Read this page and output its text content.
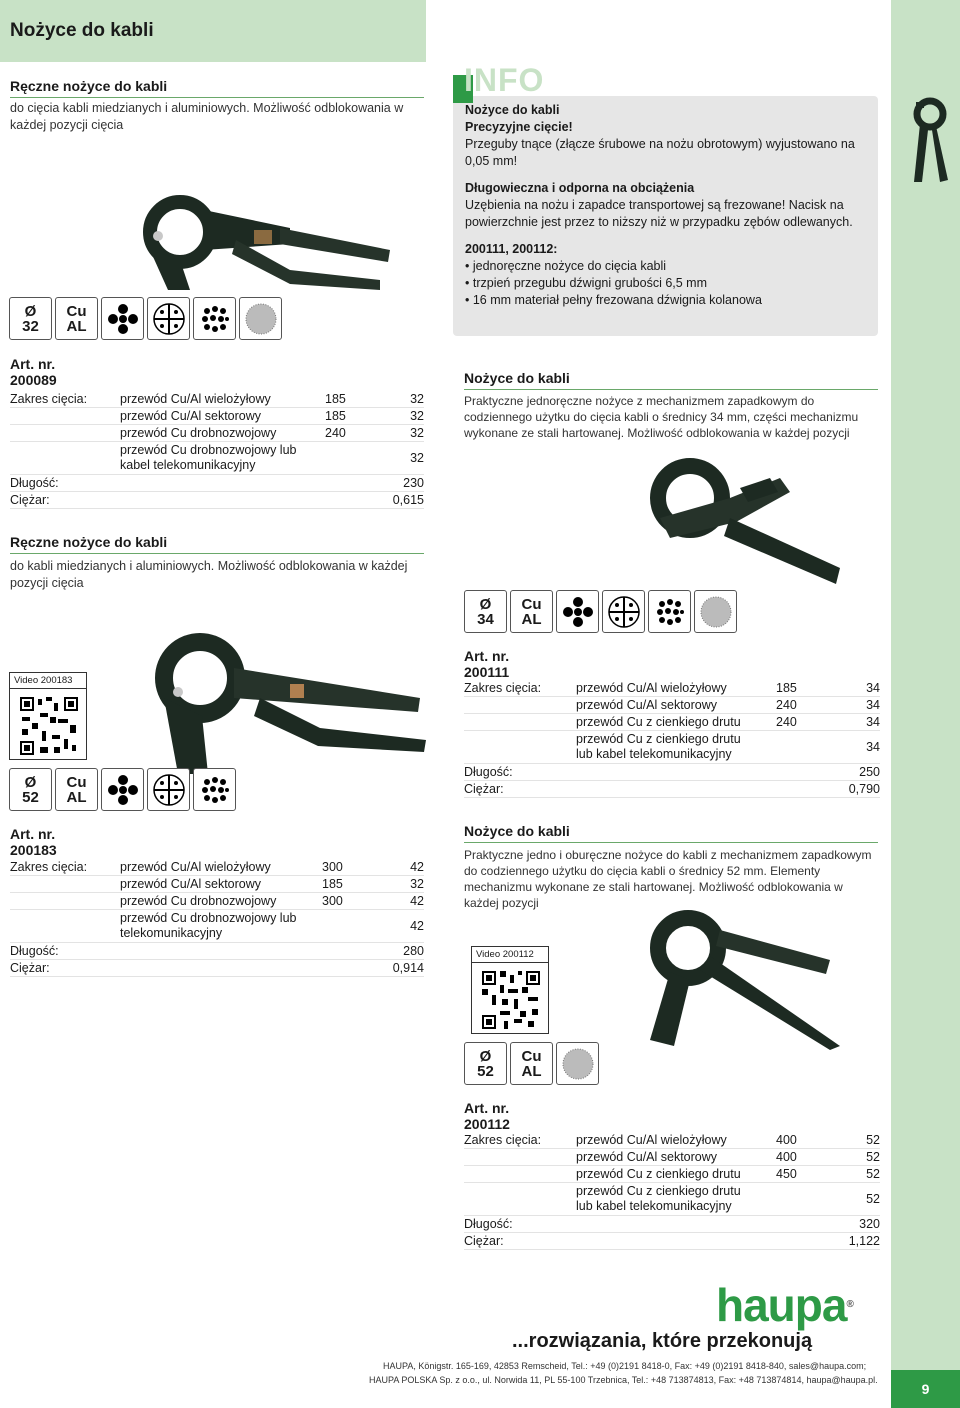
Nożyce do kabli
9
Ręczne nożyce do kabli
do cięcia kabli miedzianych i aluminiowych. Możliwość odblokowania w każdej pozycji cięcia
Ø
32
Cu
AL
Art. nr.
200089
Zakres cięcia:	przewód Cu/Al wielożyłowy	185	32
przewód Cu/Al sektorowy	185	32
przewód Cu drobnozwojowy	240	32
przewód Cu drobnozwojowy lub
kabel telekomunikacyjny	32
Długość:	230
Ciężar:	0,615

Nożyce do kabli

Precyzyjne cięcie!

Przeguby tnące (złącze śrubowe na nożu obrotowym) wyjustowano na 0,05 mm!

Długowieczna i odporna na obciążenia

Uzębienia na nożu i zapadce transportowej są frezowane! Nacisk na powierzchnie jest przez to niższy niż w przypadku zębów odlewanych.

200111, 200112:

• jednoręczne nożyce do cięcia kabli
• trzpień przegubu dźwigni grubości 6,5 mm
• 16 mm materiał pełny frezowana dźwignia kolanowa
INFO
Nożyce do kabli
Praktyczne jednoręczne nożyce z mechanizmem zapadkowym do codziennego użytku do cięcia kabli o średnicy 34 mm, części mechanizmu wykonane ze stali hartowanej. Możliwość odblokowania w każdej pozycji
Ø
34
Cu
AL
Art. nr.
200111
Zakres cięcia:	przewód Cu/Al wielożyłowy	185	34
przewód Cu/Al sektorowy	240	34
przewód Cu z cienkiego drutu	240	34
przewód Cu z cienkiego drutu
lub kabel telekomunikacyjny	34
Długość:	250
Ciężar:	0,790
Ręczne nożyce do kabli
do kabli miedzianych i aluminiowych. Możliwość odblokowania w każdej pozycji cięcia
Video 200183
Ø
52
Cu
AL
Art. nr.
200183
Zakres cięcia:	przewód Cu/Al wielożyłowy	300	42
przewód Cu/Al sektorowy	185	32
przewód Cu drobnozwojowy	300	42
przewód Cu drobnozwojowy lub
telekomunikacyjny	42
Długość:	280
Ciężar:	0,914
Nożyce do kabli
Praktyczne jedno i oburęczne nożyce do kabli z mechanizmem zapadkowym do codziennego użytku do cięcia kabli o średnicy 52 mm. Elementy mechanizmu wykonane ze stali hartowanej. Możliwość odblokowania w każdej pozycji
Video 200112
Ø
52
Cu
AL
Art. nr.
200112
Zakres cięcia:	przewód Cu/Al wielożyłowy	400	52
przewód Cu/Al sektorowy	400	52
przewód Cu z cienkiego drutu	450	52
przewód Cu z cienkiego drutu
lub kabel telekomunikacyjny	52
Długość:	320
Ciężar:	1,122
haupa®
...rozwiązania, które przekonują
HAUPA, Königstr. 165-169, 42853 Remscheid, Tel.: +49 (0)2191 8418-0, Fax: +49 (0)2191 8418-840, sales@haupa.com;
HAUPA POLSKA Sp. z o.o., ul. Norwida 11, PL 55-100 Trzebnica, Tel.: +48 713874813, Fax: +48 713874814, haupa@haupa.pl.
